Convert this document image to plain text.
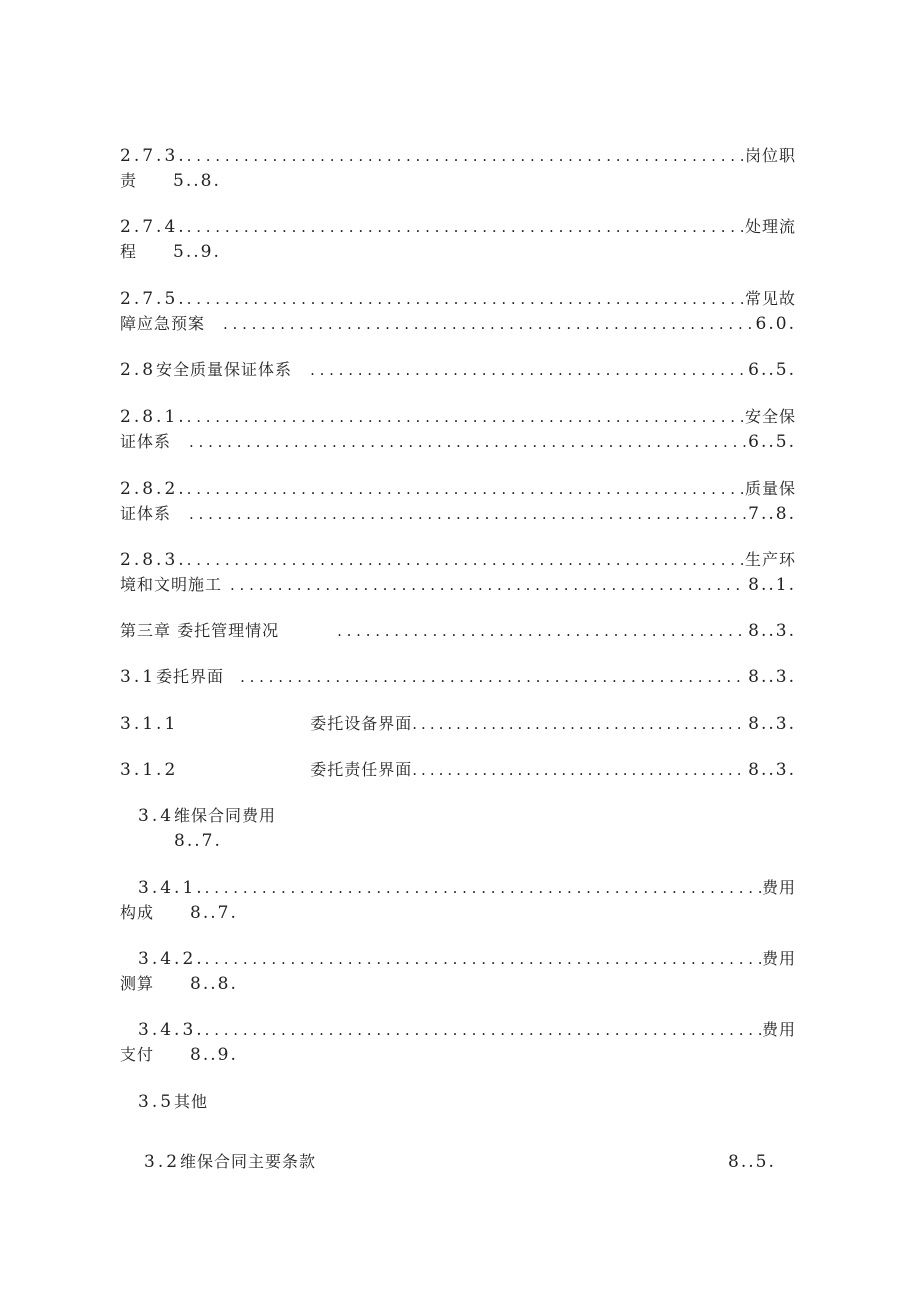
2.7.3. . . .	岗位职
责 5..8.
2.7.4. . . .	处理流
程 5..9.
2.7.5. . . .	常见故
障应急预案 . . .	6.0.
2.8 安全质量保证体系 . . .	6..5.
2.8.1. . . .	安全保
证体系 . . .	6..5.
2.8.2. . . .	质量保
证体系 . . .	7..8.
2.8.3. . . .	生产环
境和文明施工 . . .	8..1.
第三章 委托管理情况 . . .	8..3.
3.1 委托界面 . . .	8..3.
3.1.1	委托设备界面 .....	8..3.
3.1.2	委托责任界面 .....	8..3.
3.4维保合同费用
8..7.
3.4.1. . . .	费用
构成 8..7.
3.4.2. . . .	费用
测算 8..8.
3.4.3. . . .	费用
支付 8..9.
3.5其他
3.2维保合同主要条款	8..5.
